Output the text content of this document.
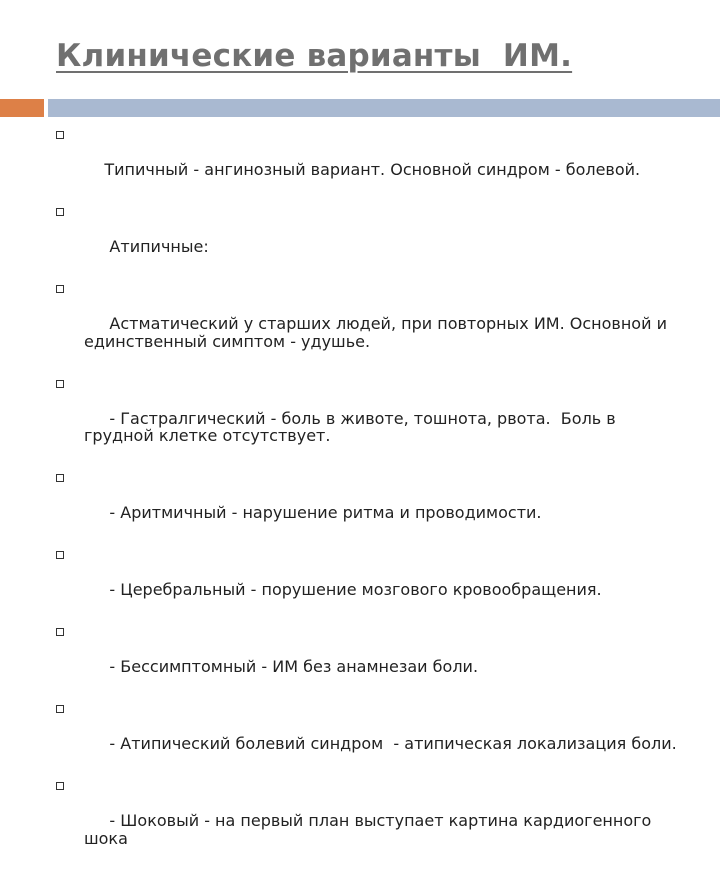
Клинические варианты  ИМ.

Типичный - ангинозный вариант. Основной синдром - болевой.

Атипичные:

Астматический у старших людей, при повторных ИМ. Основной и единственный симптом - удушье.

- Гастралгический - боль в животе, тошнота, рвота.  Боль в грудной клетке отсутствует.

- Аритмичный - нарушение ритма и проводимости.

- Церебральный - порушение мозгового кровообращения.

- Бессимптомный - ИМ без анамнезаи боли.

- Атипический болевий синдром  - атипическая локализация боли.

- Шоковый - на первый план выступает картина кардиогенного шока
